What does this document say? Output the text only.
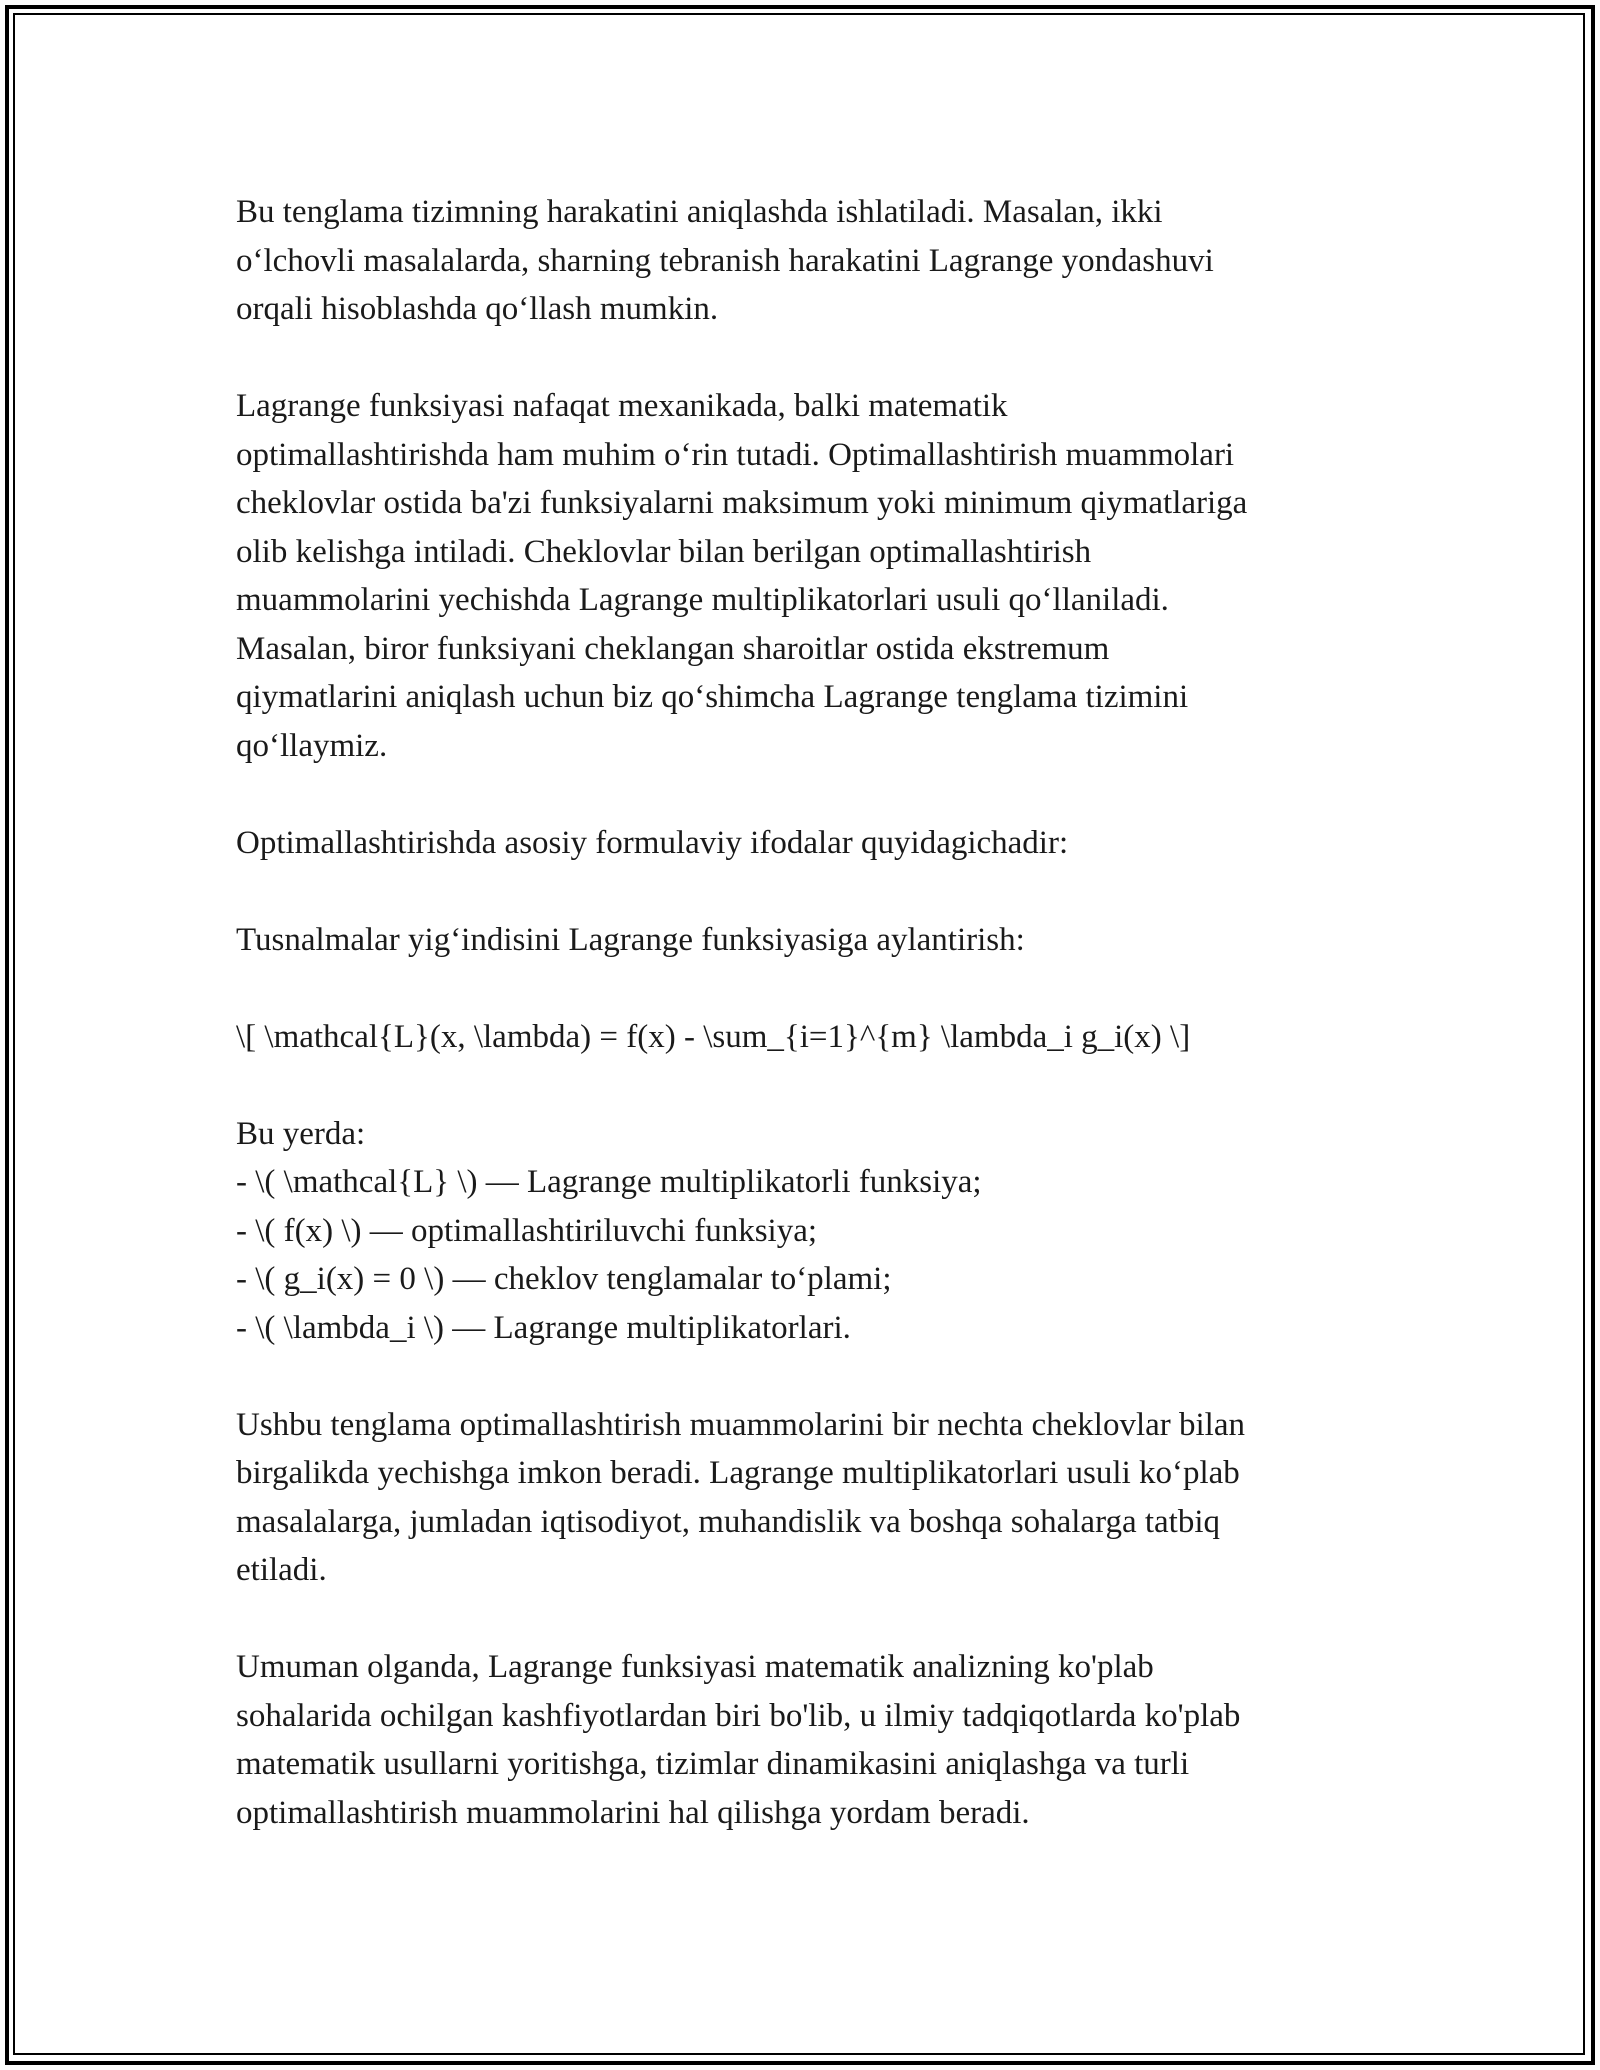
Bu tenglama tizimning harakatini aniqlashda ishlatiladi. Masalan, ikki
o‘lchovli masalalarda, sharning tebranish harakatini Lagrange yondashuvi
orqali hisoblashda qo‘llash mumkin.

Lagrange funksiyasi nafaqat mexanikada, balki matematik
optimallashtirishda ham muhim o‘rin tutadi. Optimallashtirish muammolari
cheklovlar ostida ba'zi funksiyalarni maksimum yoki minimum qiymatlariga
olib kelishga intiladi. Cheklovlar bilan berilgan optimallashtirish
muammolarini yechishda Lagrange multiplikatorlari usuli qo‘llaniladi.
Masalan, biror funksiyani cheklangan sharoitlar ostida ekstremum
qiymatlarini aniqlash uchun biz qo‘shimcha Lagrange tenglama tizimini
qo‘llaymiz.

Optimallashtirishda asosiy formulaviy ifodalar quyidagichadir:

Tusnalmalar yig‘indisini Lagrange funksiyasiga aylantirish:

\[ \mathcal{L}(x, \lambda) = f(x) - \sum_{i=1}^{m} \lambda_i g_i(x) \]

Bu yerda:
- \( \mathcal{L} \) — Lagrange multiplikatorli funksiya;
- \( f(x) \) — optimallashtiriluvchi funksiya;
- \( g_i(x) = 0 \) — cheklov tenglamalar to‘plami;
- \( \lambda_i \) — Lagrange multiplikatorlari.

Ushbu tenglama optimallashtirish muammolarini bir nechta cheklovlar bilan
birgalikda yechishga imkon beradi. Lagrange multiplikatorlari usuli ko‘plab
masalalarga, jumladan iqtisodiyot, muhandislik va boshqa sohalarga tatbiq
etiladi.

Umuman olganda, Lagrange funksiyasi matematik analizning ko'plab
sohalarida ochilgan kashfiyotlardan biri bo'lib, u ilmiy tadqiqotlarda ko'plab
matematik usullarni yoritishga, tizimlar dinamikasini aniqlashga va turli
optimallashtirish muammolarini hal qilishga yordam beradi.
